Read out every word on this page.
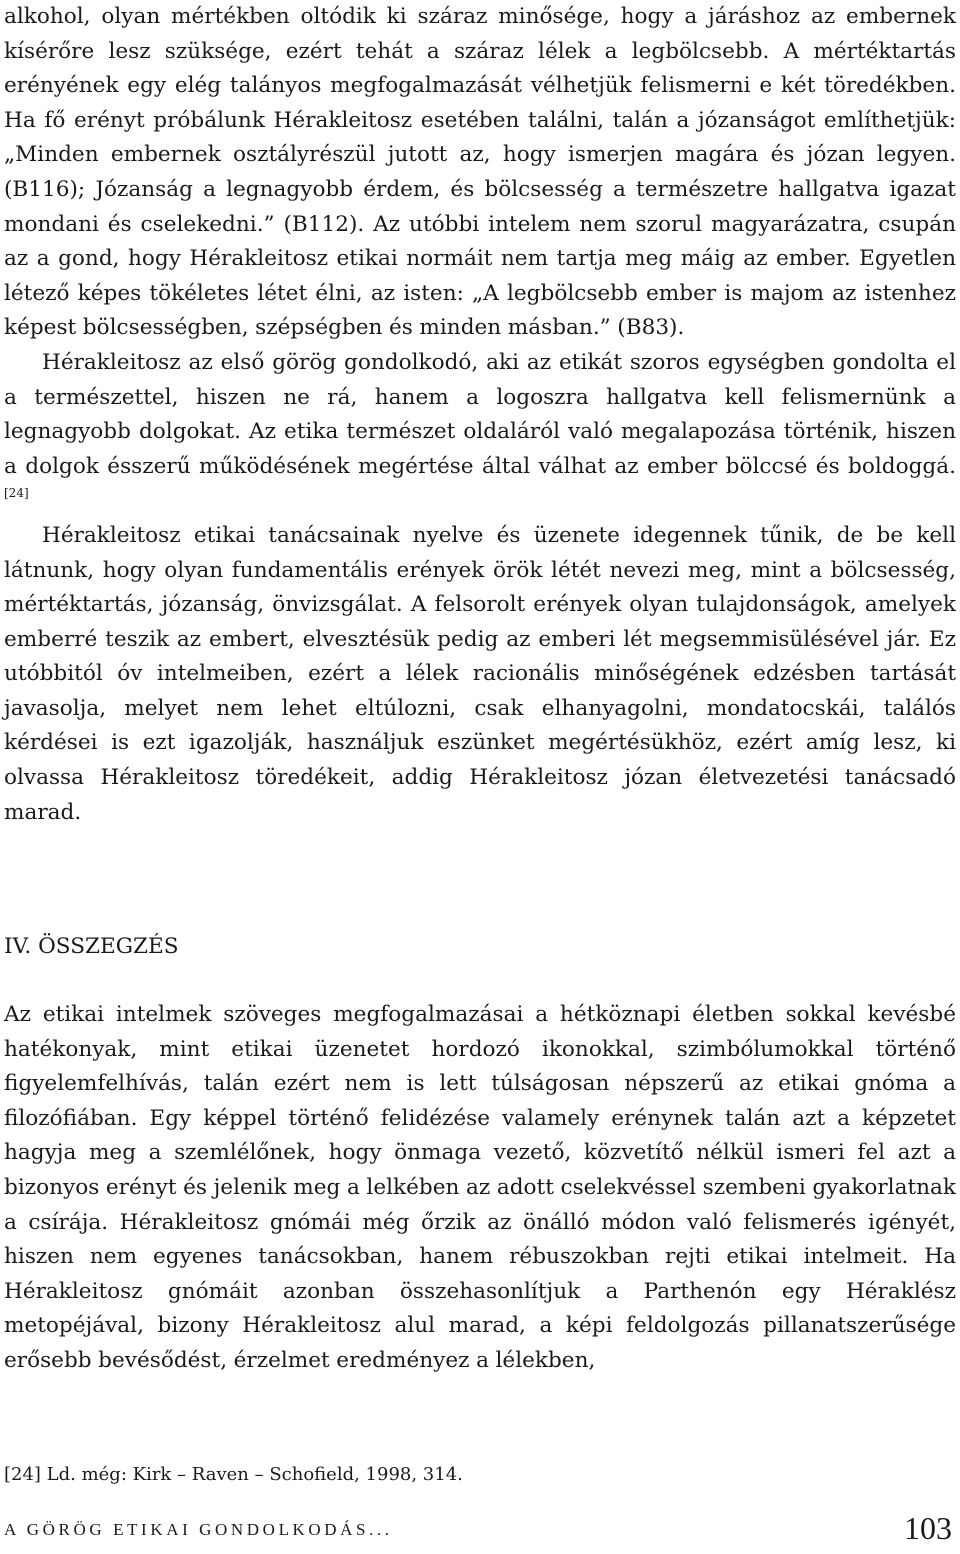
alkohol, olyan mértékben oltódik ki száraz minősége, hogy a járáshoz az embernek kísérőre lesz szüksége, ezért tehát a száraz lélek a legbölcsebb. A mértéktartás erényének egy elég talányos megfogalmazását vélhetjük felismerni e két töredékben. Ha fő erényt próbálunk Hérakleitosz esetében találni, talán a józanságot említhetjük: „Minden embernek osztályrészül jutott az, hogy ismerjen magára és józan legyen. (B116); Józanság a legnagyobb érdem, és bölcsesség a természetre hallgatva igazat mondani és cselekedni.” (B112). Az utóbbi intelem nem szorul magyarázatra, csupán az a gond, hogy Hérakleitosz etikai normáit nem tartja meg máig az ember. Egyetlen létező képes tökéletes létet élni, az isten: „A legbölcsebb ember is majom az istenhez képest bölcsességben, szépségben és minden másban.” (B83).

Hérakleitosz az első görög gondolkodó, aki az etikát szoros egységben gondolta el a természettel, hiszen ne rá, hanem a logoszra hallgatva kell felismernünk a legnagyobb dolgokat. Az etika természet oldaláról való megalapozása történik, hiszen a dolgok ésszerű működésének megértése által válhat az ember bölccsé és boldoggá.[24]

Hérakleitosz etikai tanácsainak nyelve és üzenete idegennek tűnik, de be kell látnunk, hogy olyan fundamentális erények örök létét nevezi meg, mint a bölcsesség, mértéktartás, józanság, önvizsgálat. A felsorolt erények olyan tulajdonságok, amelyek emberré teszik az embert, elvesztésük pedig az emberi lét megsemmisülésével jár. Ez utóbbitól óv intelmeiben, ezért a lélek racionális minőségének edzésben tartását javasolja, melyet nem lehet eltúlozni, csak elhanyagolni, mondatocskái, találós kérdései is ezt igazolják, használjuk eszünket megértésükhöz, ezért amíg lesz, ki olvassa Hérakleitosz töredékeit, addig Hérakleitosz józan életvezetési tanácsadó marad.

IV. ÖSSZEGZÉS

Az etikai intelmek szöveges megfogalmazásai a hétköznapi életben sokkal kevésbé hatékonyak, mint etikai üzenetet hordozó ikonokkal, szimbólumokkal történő figyelemfelhívás, talán ezért nem is lett túlságosan népszerű az etikai gnóma a filozófiában. Egy képpel történő felidézése valamely erénynek talán azt a képzetet hagyja meg a szemlélőnek, hogy önmaga vezető, közvetítő nélkül ismeri fel azt a bizonyos erényt és jelenik meg a lelkében az adott cselekvéssel szembeni gyakorlatnak a csírája. Hérakleitosz gnómái még őrzik az önálló módon való felismerés igényét, hiszen nem egyenes tanácsokban, hanem rébuszokban rejti etikai intelmeit. Ha Hérakleitosz gnómáit azonban összehasonlítjuk a Parthenón egy Héraklész metopéjával, bizony Hérakleitosz alul marad, a képi feldolgozás pillanatszerűsége erősebb bevésődést, érzelmet eredményez a lélekben,

[24] Ld. még: Kirk – Raven – Schofield, 1998, 314.

A GÖRÖG ETIKAI GONDOLKODÁS...	103
